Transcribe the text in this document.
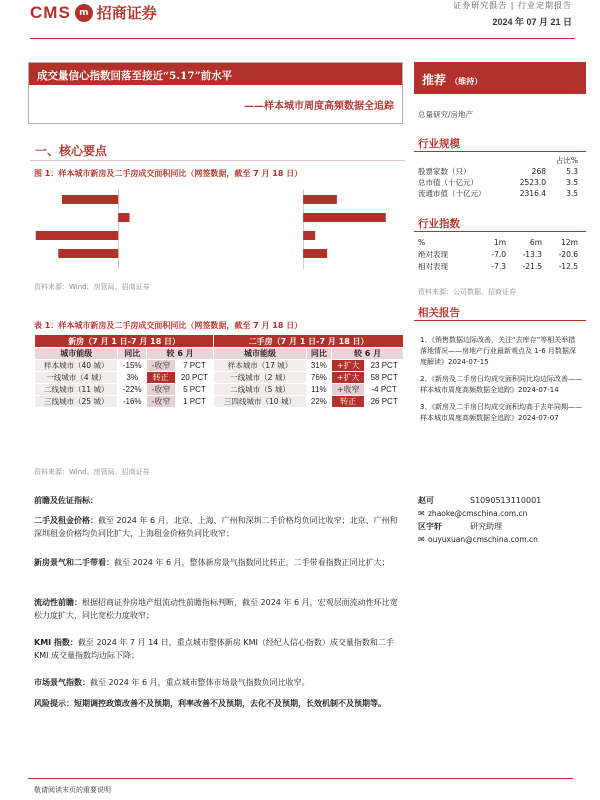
CMS m 招商证券	证券研究报告 | 行业定期报告
2024 年 07 月 21 日
成交量信心指数回落至接近“5.17”前水平
——样本城市周度高频数据全追踪
推荐 （维持）
总量研究/房地产
行业规模
占比%
股票家数（只）	268	5.3
总市值（十亿元）	2523.0	3.5
流通市值（十亿元）	2316.4	3.5
行业指数
%	1m	6m	12m
绝对表现	-7.0	-13.3	-20.6
相对表现	-7.3	-21.5	-12.5
资料来源：公司数据、招商证券
相关报告
1、《销售数据边际改善，关注“去库存”等相关举措落地情况——房地产行业最新观点及 1-6 月数据深度解读》2024-07-15
2、《新房及二手房日均成交面积同比均边际改善——样本城市周度高频数据全追踪》2024-07-14
3、《新房及二手房日均成交面积均高于去年同期——样本城市周度高频数据全追踪》2024-07-07
赵可	S1090513110001
✉ zhaoke@cmschina.com.cn
区宇轩	研究助理
✉ ouyuxuan@cmschina.com.cn
一、核心要点
图 1：样本城市新房及二手房成交面积同比（网签数据，截至 7 月 18 日）
资料来源：Wind、房管局、招商证券
表 1：样本城市新房及二手房成交面积同比（网签数据，截至 7 月 18 日）
新房（7 月 1 日-7 月 18 日）				二手房（7 月 1 日-7 月 18 日）			
城市能级	同比	较 6 月		城市能级	同比	较 6 月	
样本城市（40 城）	-15%	-收窄	7 PCT	样本城市（17 城）	31%	+扩大	23 PCT
一线城市（4 城）	3%	转正	20 PCT	一线城市（2 城）	76%	+扩大	58 PCT
二线城市（11 城）	-22%	-收窄	5 PCT	二线城市（5 城）	11%	+收窄	-4 PCT
三线城市（25 城）	-16%	-收窄	1 PCT	三四线城市（10 城）	22%	转正	26 PCT
资料来源：Wind、房管局、招商证券
前瞻及佐证指标：
二手及租金价格：截至 2024 年 6 月，北京、上海、广州和深圳二手价格均负同比收窄；北京、广州和深圳租金价格均负同比扩大，上海租金价格负同比收窄；
新房景气和二手带看：截至 2024 年 6 月，整体新房景气指数同比转正，二手带看指数正同比扩大；
流动性前瞻：根据招商证券房地产组流动性前瞻指标判断，截至 2024 年 6 月，宏观层面流动性环比宽松力度扩大，同比宽松力度收窄；
KMI 指数：截至 2024 年 7 月 14 日，重点城市整体新房 KMI（经纪人信心指数）成交量指数和二手 KMI 成交量指数均边际下降；
市场景气指数：截至 2024 年 6 月，重点城市整体市场景气指数负同比收窄。
风险提示：短期调控政策改善不及预期，利率改善不及预期，去化不及预期，长效机制不及预期等。
敬请阅读末页的重要说明
